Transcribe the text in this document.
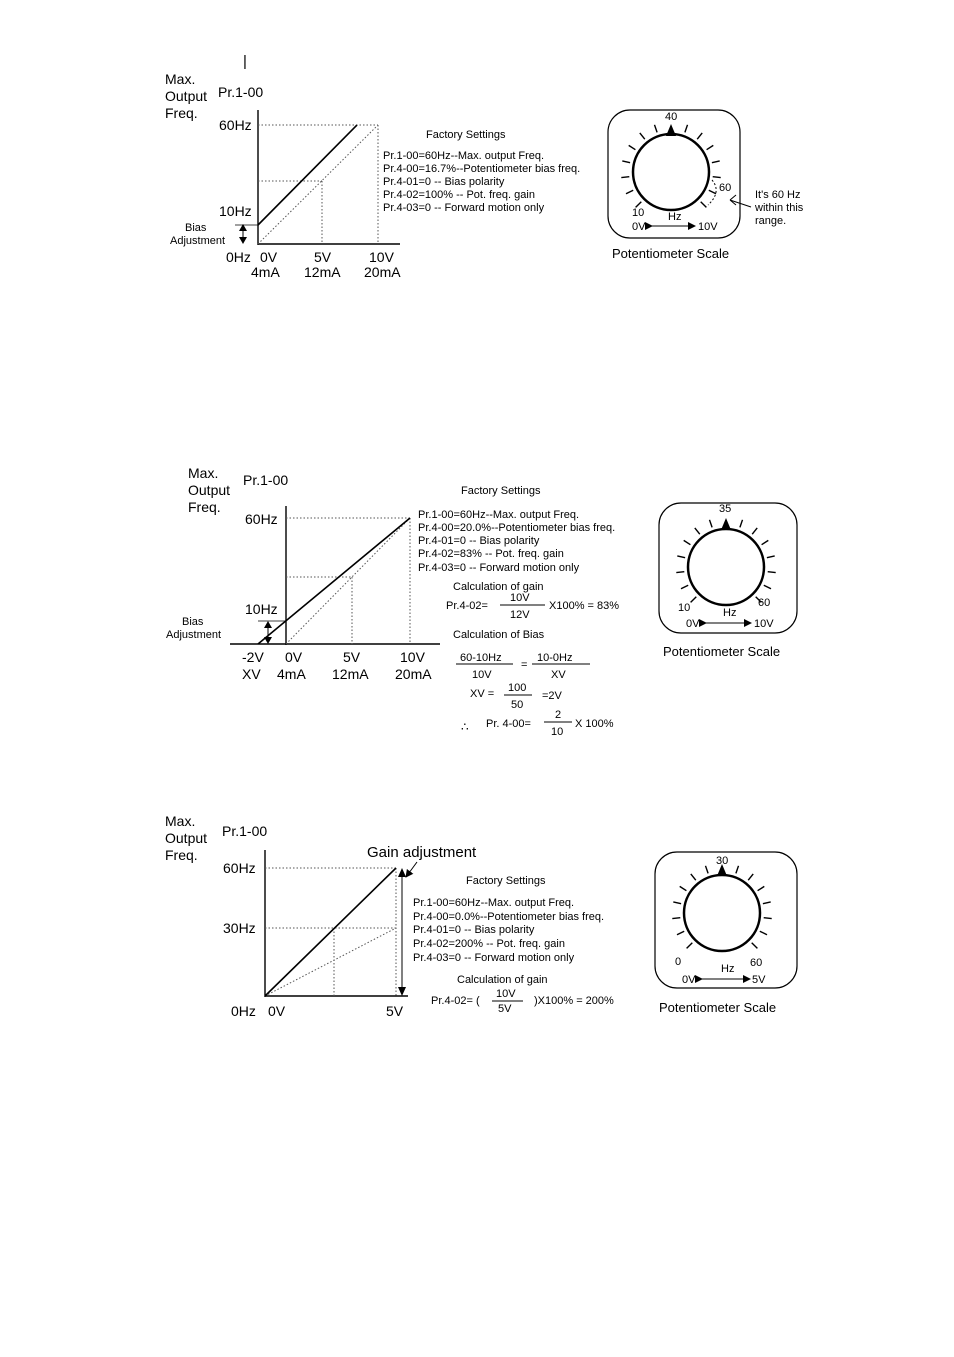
|
Max.
Output
Freq.
Pr.1-00
60Hz
10Hz
0Hz
Bias
Adjustment
0V
4mA
5V
12mA
10V
20mA
Factory Settings
Pr.1-00=60Hz--Max. output Freq.
Pr.4-00=16.7%--Potentiometer bias freq.
Pr.4-01=0 -- Bias polarity
Pr.4-02=100% -- Pot. freq. gain
Pr.4-03=0 -- Forward motion only
40
10
60
Hz
0V	10V
It's 60 Hz
within this
range.
Potentiometer Scale
Max.
Output
Freq.
Pr.1-00
60Hz
10Hz
Bias
Adjustment
-2V
XV
0V
4mA
5V
12mA
10V
20mA
Factory Settings
Pr.1-00=60Hz--Max. output Freq.
Pr.4-00=20.0%--Potentiometer bias freq.
Pr.4-01=0 -- Bias polarity
Pr.4-02=83% -- Pot. freq. gain
Pr.4-03=0 -- Forward motion only
Calculation of gain
Pr.4-02=
10V
12V
X100% = 83%
Calculation of Bias
60-10Hz
10V
=
10-0Hz
XV
XV = 100
50
=2V
∴ Pr. 4-00=
2
10
X 100%
35
10	60
Hz
0V	10V
Potentiometer Scale
Max.
Output
Freq.
Pr.1-00
Gain adjustment
60Hz
30Hz
0Hz 0V	5V
Factory Settings
Pr.1-00=60Hz--Max. output Freq.
Pr.4-00=0.0%--Potentiometer bias freq.
Pr.4-01=0 -- Bias polarity
Pr.4-02=200% -- Pot. freq. gain
Pr.4-03=0 -- Forward motion only
Calculation of gain
Pr.4-02= (
10V
5V
)X100% = 200%
30
0	60
Hz
0V	5V
Potentiometer Scale
